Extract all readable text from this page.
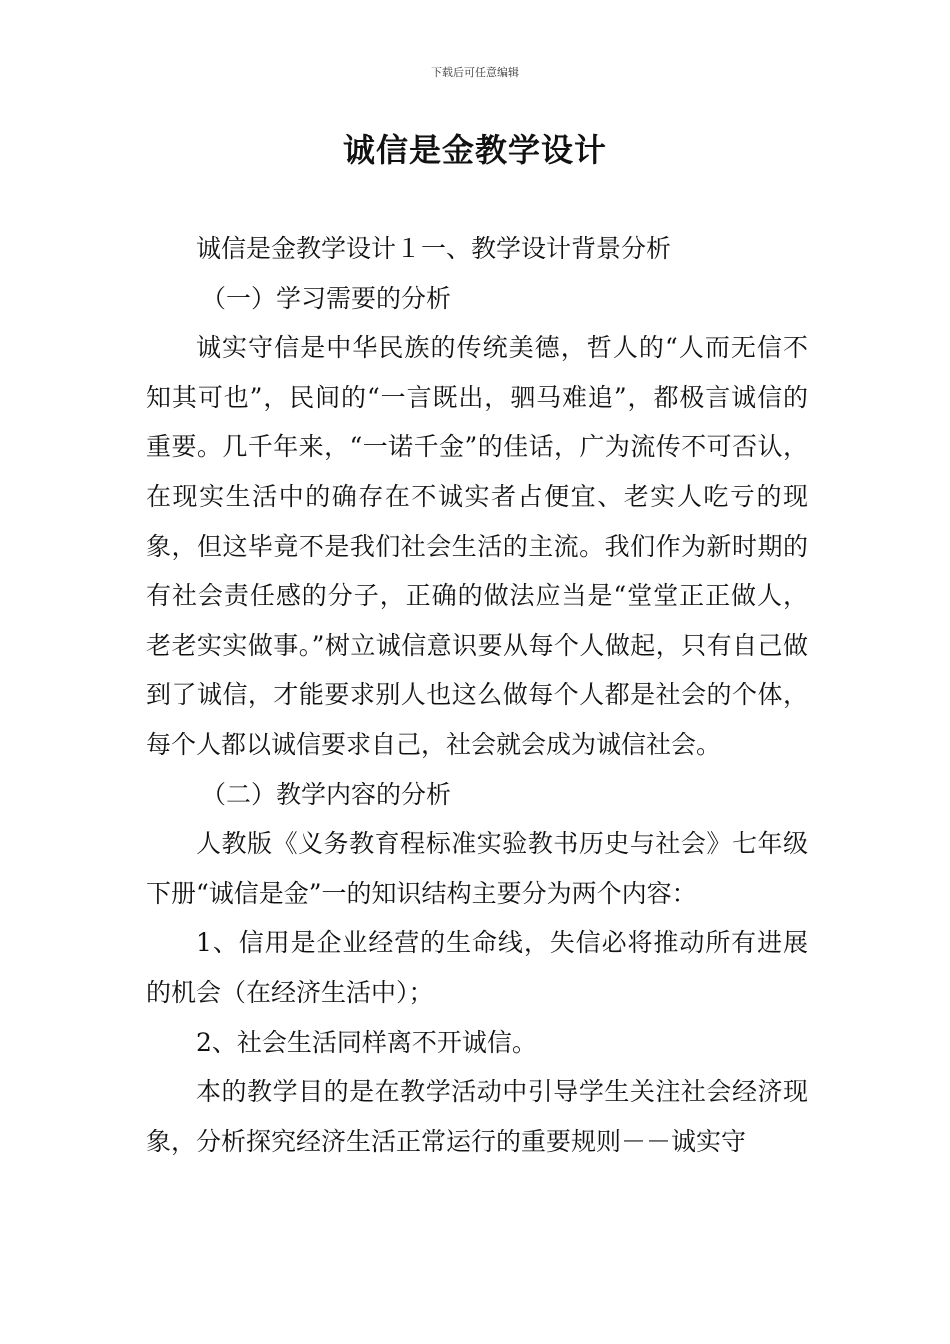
下载后可任意编辑
诚信是金教学设计

诚信是金教学设计１一、教学设计背景分析

（一）学习需要的分析

诚实守信是中华民族的传统美德，哲人的“人而无信不知其可也”，民间的“一言既出，驷马难追”，都极言诚信的重要。几千年来，“一诺千金”的佳话，广为流传不可否认，在现实生活中的确存在不诚实者占便宜、老实人吃亏的现象，但这毕竟不是我们社会生活的主流。我们作为新时期的有社会责任感的分子，正确的做法应当是“堂堂正正做人，老老实实做事。”树立诚信意识要从每个人做起，只有自己做到了诚信，才能要求别人也这么做每个人都是社会的个体，每个人都以诚信要求自己，社会就会成为诚信社会。

（二）教学内容的分析

人教版《义务教育程标准实验教书历史与社会》七年级下册“诚信是金”一的知识结构主要分为两个内容：

1、信用是企业经营的生命线，失信必将推动所有进展的机会（在经济生活中）；

2、社会生活同样离不开诚信。

本的教学目的是在教学活动中引导学生关注社会经济现象，分析探究经济生活正常运行的重要规则－－诚实守
